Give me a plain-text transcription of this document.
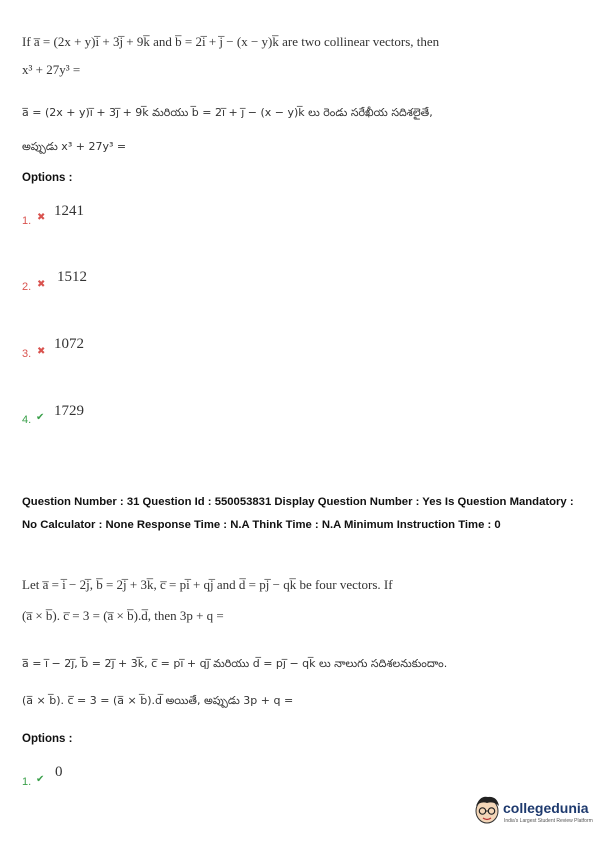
If a̅ = (2x + y)i̅ + 3j̅ + 9k̅ and b̅ = 2i̅ + j̅ − (x − y)k̅ are two collinear vectors, then
x³ + 27y³ =
a̅ = (2x + y)i̅ + 3j̅ + 9k̅ మరియు b̅ = 2i̅ + j̅ − (x − y)k̅ లు రెండు సరేఖీయ సదిశలైతే,
అప్పుడు x³ + 27y³ =
Options :
1. ✖ 1241
2. ✖ 1512
3. ✖ 1072
4. ✔ 1729
Question Number : 31 Question Id : 550053831 Display Question Number : Yes Is Question Mandatory : No Calculator : None Response Time : N.A Think Time : N.A Minimum Instruction Time : 0
Let a̅ = i̅ − 2j̅, b̅ = 2j̅ + 3k̅, c̅ = pi̅ + qj̅ and d̅ = pj̅ − qk̅ be four vectors. If
(a̅ × b̅). c̅ = 3 = (a̅ × b̅).d̅, then 3p + q =
a̅ = i̅ − 2j̅, b̅ = 2j̅ + 3k̅, c̅ = pi̅ + qj̅ మరియు d̅ = pj̅ − qk̅ లు నాలుగు సదిశలనుకుందాం.
(a̅ × b̅). c̅ = 3 = (a̅ × b̅).d̅ అయితే, అప్పుడు 3p + q =
Options :
1. ✔ 0
collegedunia
India's Largest Student Review Platform
